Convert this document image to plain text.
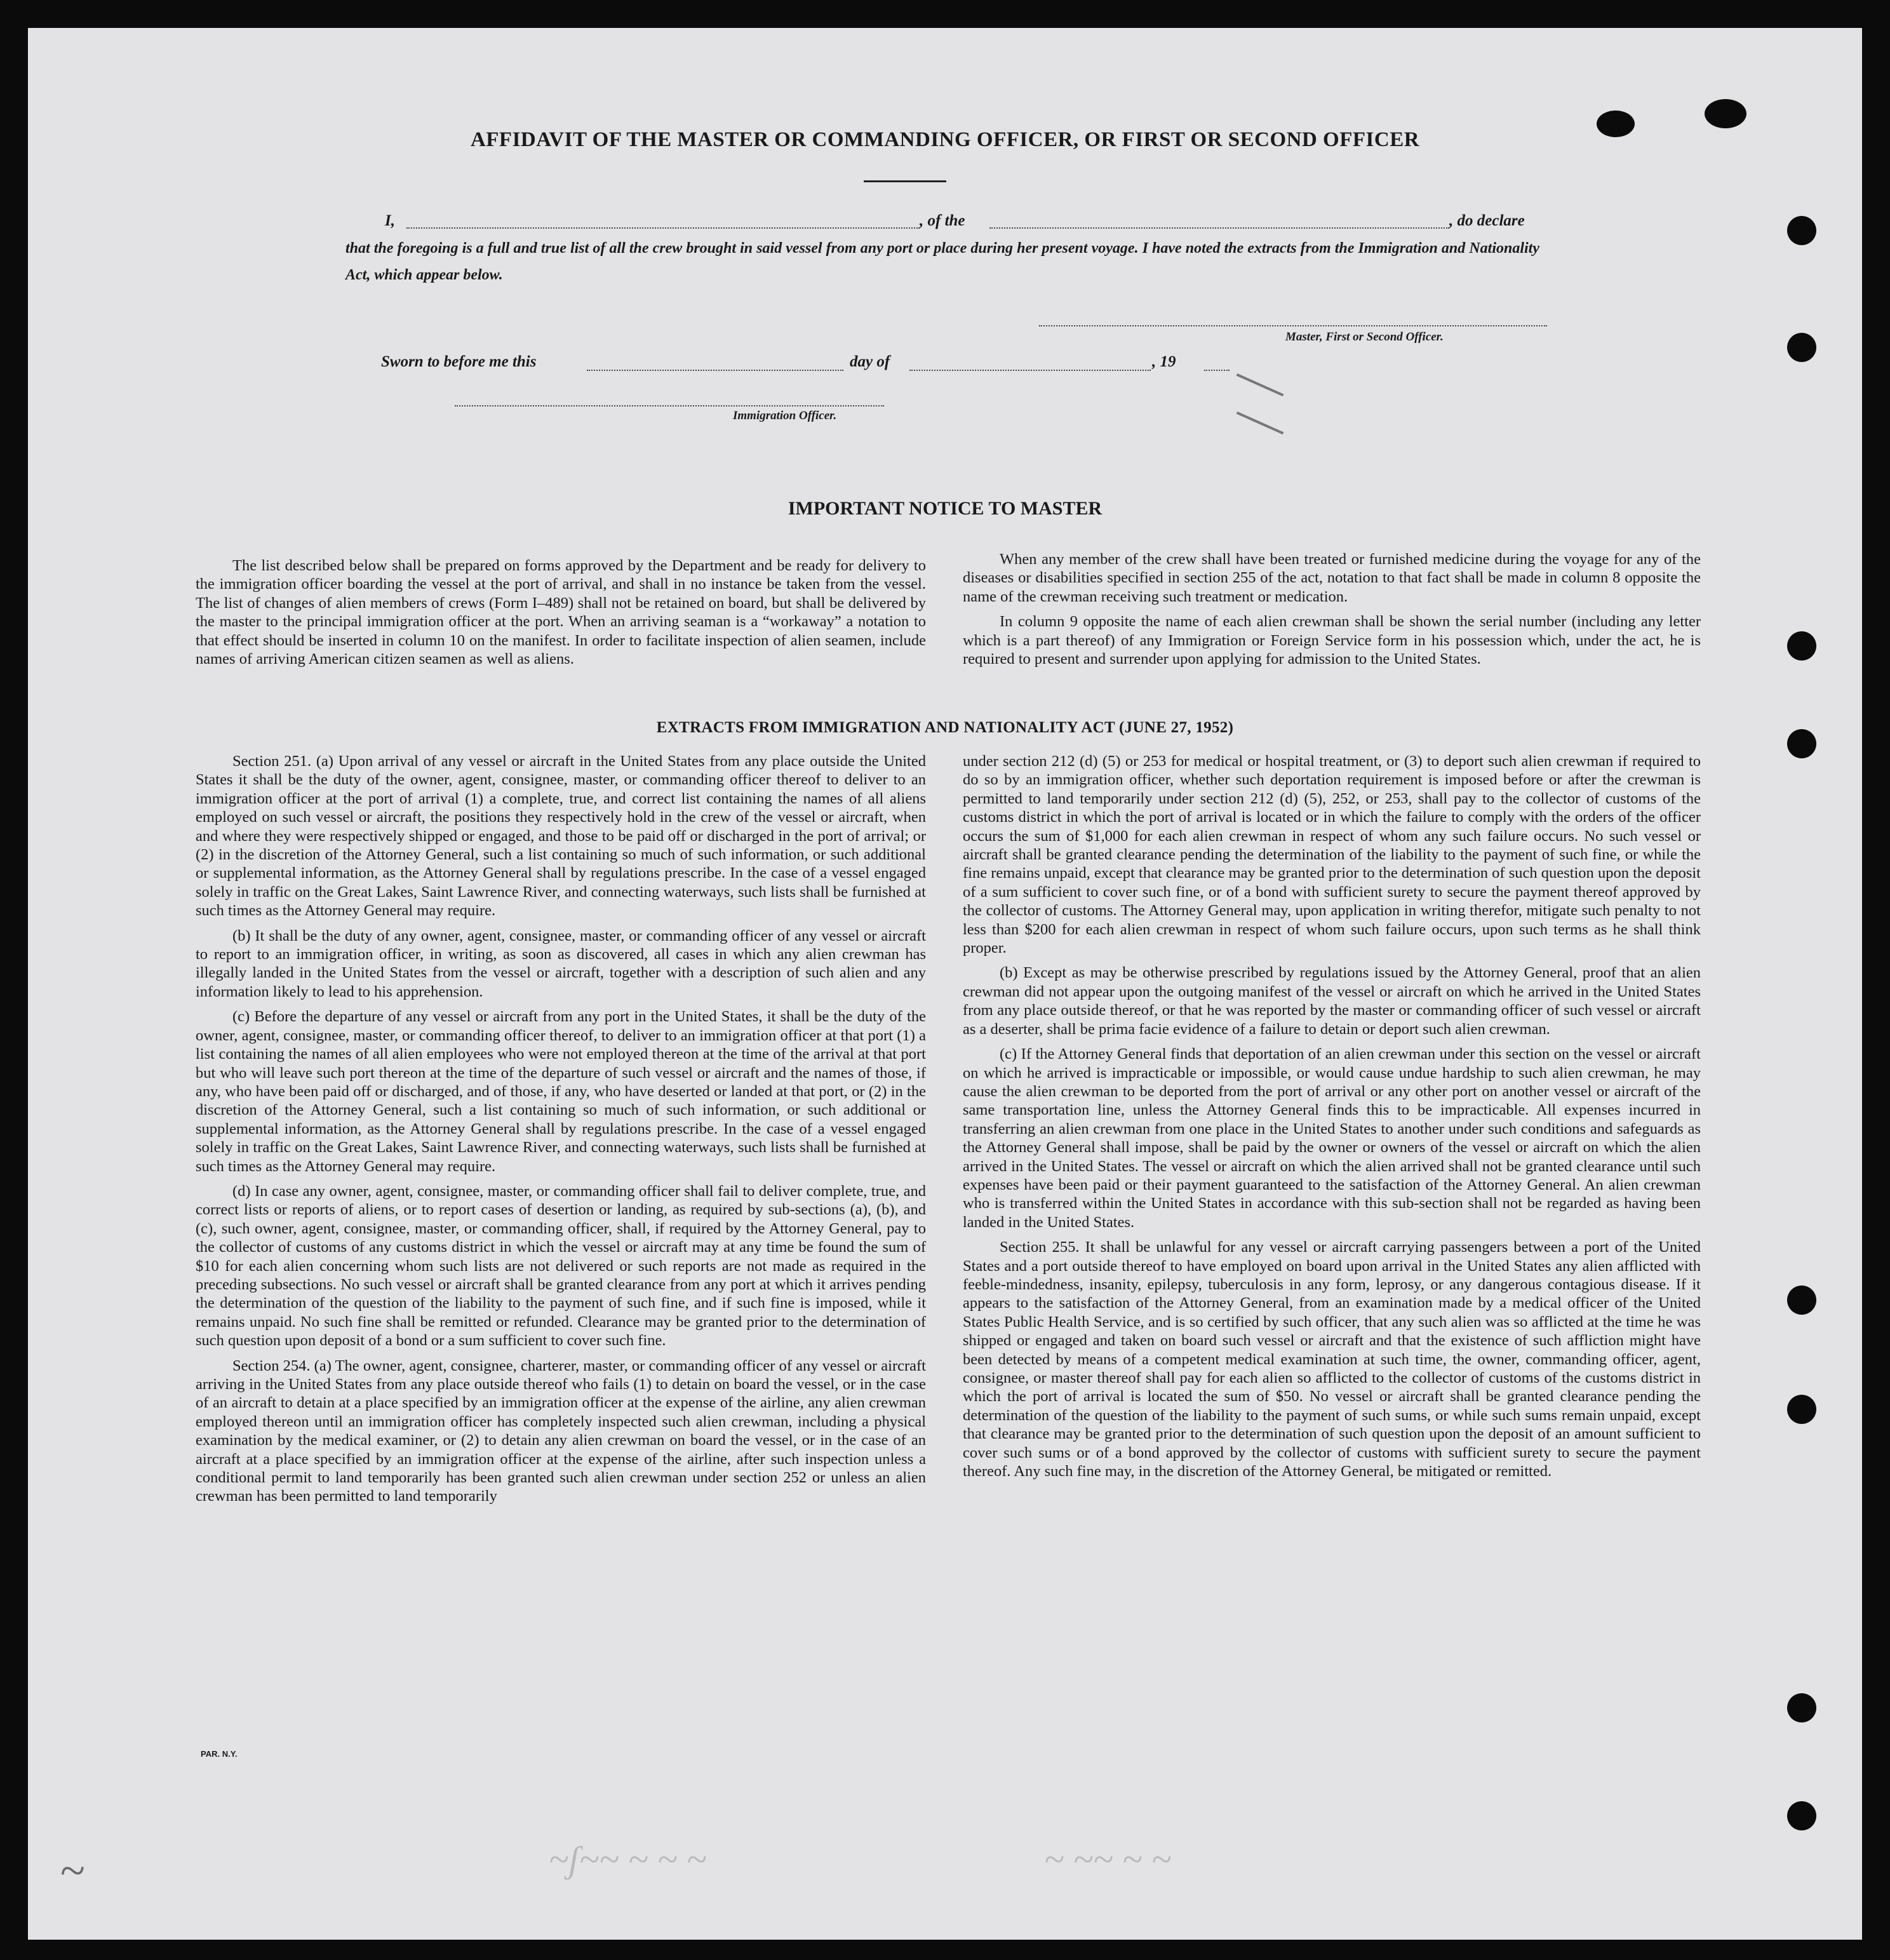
AFFIDAVIT OF THE MASTER OR COMMANDING OFFICER, OR FIRST OR SECOND OFFICER
I,	, of the	, do declare
that the foregoing is a full and true list of all the crew brought in said vessel from any port or place during her present voyage. I have noted the extracts from the Immigration and Nationality Act, which appear below.
Master, First or Second Officer.
Sworn to before me this	day of	, 19
Immigration Officer.
IMPORTANT NOTICE TO MASTER

The list described below shall be prepared on forms approved by the Department and be ready for delivery to the immigration officer boarding the vessel at the port of arrival, and shall in no instance be taken from the vessel. The list of changes of alien members of crews (Form I–489) shall not be retained on board, but shall be delivered by the master to the principal immigration officer at the port. When an arriving seaman is a “workaway” a notation to that effect should be inserted in column 10 on the manifest. In order to facilitate inspection of alien seamen, include names of arriving American citizen seamen as well as aliens.

When any member of the crew shall have been treated or furnished medicine during the voyage for any of the diseases or disabilities specified in section 255 of the act, notation to that fact shall be made in column 8 opposite the name of the crewman receiving such treatment or medication.

In column 9 opposite the name of each alien crewman shall be shown the serial number (including any letter which is a part thereof) of any Immigration or Foreign Service form in his possession which, under the act, he is required to present and surrender upon applying for admission to the United States.

EXTRACTS FROM IMMIGRATION AND NATIONALITY ACT (JUNE 27, 1952)

Section 251. (a) Upon arrival of any vessel or aircraft in the United States from any place outside the United States it shall be the duty of the owner, agent, consignee, master, or commanding officer thereof to deliver to an immigration officer at the port of arrival (1) a complete, true, and correct list containing the names of all aliens employed on such vessel or aircraft, the positions they respectively hold in the crew of the vessel or aircraft, when and where they were respectively shipped or engaged, and those to be paid off or discharged in the port of arrival; or (2) in the discretion of the Attorney General, such a list containing so much of such information, or such additional or supplemental information, as the Attorney General shall by regulations prescribe. In the case of a vessel engaged solely in traffic on the Great Lakes, Saint Lawrence River, and connecting waterways, such lists shall be furnished at such times as the Attorney General may require.

(b) It shall be the duty of any owner, agent, consignee, master, or commanding officer of any vessel or aircraft to report to an immigration officer, in writing, as soon as discovered, all cases in which any alien crewman has illegally landed in the United States from the vessel or aircraft, together with a description of such alien and any information likely to lead to his apprehension.

(c) Before the departure of any vessel or aircraft from any port in the United States, it shall be the duty of the owner, agent, consignee, master, or commanding officer thereof, to deliver to an immigration officer at that port (1) a list containing the names of all alien employees who were not employed thereon at the time of the arrival at that port but who will leave such port thereon at the time of the departure of such vessel or aircraft and the names of those, if any, who have been paid off or discharged, and of those, if any, who have deserted or landed at that port, or (2) in the discretion of the Attorney General, such a list containing so much of such information, or such additional or supplemental information, as the Attorney General shall by regulations prescribe. In the case of a vessel engaged solely in traffic on the Great Lakes, Saint Lawrence River, and connecting waterways, such lists shall be furnished at such times as the Attorney General may require.

(d) In case any owner, agent, consignee, master, or commanding officer shall fail to deliver complete, true, and correct lists or reports of aliens, or to report cases of desertion or landing, as required by sub-sections (a), (b), and (c), such owner, agent, consignee, master, or commanding officer, shall, if required by the Attorney General, pay to the collector of customs of any customs district in which the vessel or aircraft may at any time be found the sum of $10 for each alien concerning whom such lists are not delivered or such reports are not made as required in the preceding subsections. No such vessel or aircraft shall be granted clearance from any port at which it arrives pending the determination of the question of the liability to the payment of such fine, and if such fine is imposed, while it remains unpaid. No such fine shall be remitted or refunded. Clearance may be granted prior to the determination of such question upon deposit of a bond or a sum sufficient to cover such fine.

Section 254. (a) The owner, agent, consignee, charterer, master, or commanding officer of any vessel or aircraft arriving in the United States from any place outside thereof who fails (1) to detain on board the vessel, or in the case of an aircraft to detain at a place specified by an immigration officer at the expense of the airline, any alien crewman employed thereon until an immigration officer has completely inspected such alien crewman, including a physical examination by the medical examiner, or (2) to detain any alien crewman on board the vessel, or in the case of an aircraft at a place specified by an immigration officer at the expense of the airline, after such inspection unless a conditional permit to land temporarily has been granted such alien crewman under section 252 or unless an alien crewman has been permitted to land temporarily

under section 212 (d) (5) or 253 for medical or hospital treatment, or (3) to deport such alien crewman if required to do so by an immigration officer, whether such deportation requirement is imposed before or after the crewman is permitted to land temporarily under section 212 (d) (5), 252, or 253, shall pay to the collector of customs of the customs district in which the port of arrival is located or in which the failure to comply with the orders of the officer occurs the sum of $1,000 for each alien crewman in respect of whom any such failure occurs. No such vessel or aircraft shall be granted clearance pending the determination of the liability to the payment of such fine, or while the fine remains unpaid, except that clearance may be granted prior to the determination of such question upon the deposit of a sum sufficient to cover such fine, or of a bond with sufficient surety to secure the payment thereof approved by the collector of customs. The Attorney General may, upon application in writing therefor, mitigate such penalty to not less than $200 for each alien crewman in respect of whom such failure occurs, upon such terms as he shall think proper.

(b) Except as may be otherwise prescribed by regulations issued by the Attorney General, proof that an alien crewman did not appear upon the outgoing manifest of the vessel or aircraft on which he arrived in the United States from any place outside thereof, or that he was reported by the master or commanding officer of such vessel or aircraft as a deserter, shall be prima facie evidence of a failure to detain or deport such alien crewman.

(c) If the Attorney General finds that deportation of an alien crewman under this section on the vessel or aircraft on which he arrived is impracticable or impossible, or would cause undue hardship to such alien crewman, he may cause the alien crewman to be deported from the port of arrival or any other port on another vessel or aircraft of the same transportation line, unless the Attorney General finds this to be impracticable. All expenses incurred in transferring an alien crewman from one place in the United States to another under such conditions and safeguards as the Attorney General shall impose, shall be paid by the owner or owners of the vessel or aircraft on which the alien arrived in the United States. The vessel or aircraft on which the alien arrived shall not be granted clearance until such expenses have been paid or their payment guaranteed to the satisfaction of the Attorney General. An alien crewman who is transferred within the United States in accordance with this sub-section shall not be regarded as having been landed in the United States.

Section 255. It shall be unlawful for any vessel or aircraft carrying passengers between a port of the United States and a port outside thereof to have employed on board upon arrival in the United States any alien afflicted with feeble-mindedness, insanity, epilepsy, tuberculosis in any form, leprosy, or any dangerous contagious disease. If it appears to the satisfaction of the Attorney General, from an examination made by a medical officer of the United States Public Health Service, and is so certified by such officer, that any such alien was so afflicted at the time he was shipped or engaged and taken on board such vessel or aircraft and that the existence of such affliction might have been detected by means of a competent medical examination at such time, the owner, commanding officer, agent, consignee, or master thereof shall pay for each alien so afflicted to the collector of customs of the customs district in which the port of arrival is located the sum of $50. No vessel or aircraft shall be granted clearance pending the determination of the question of the liability to the payment of such sums, or while such sums remain unpaid, except that clearance may be granted prior to the determination of such question upon the deposit of an amount sufficient to cover such sums or of a bond approved by the collector of customs with sufficient surety to secure the payment thereof. Any such fine may, in the discretion of the Attorney General, be mitigated or remitted.

PAR. N.Y.
~ʃ~~ ~ ~ ~	~ ~~ ~ ~
~
